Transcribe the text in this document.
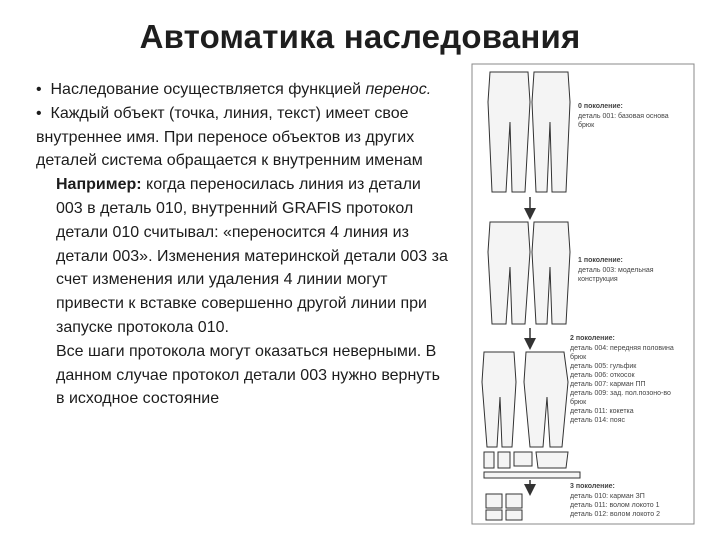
Автоматика наследования

• Наследование осуществляется функцией перенос.

• Каждый объект (точка, линия, текст) имеет свое внутреннее имя. При переносе объектов из других деталей система обращается к внутренним именам

Например: когда переносилась линия из детали 003 в деталь 010, внутренний GRAFIS протокол детали 010 считывал: «переносится 4 линия из детали 003». Изменения материнской детали 003 за счет изменения или удаления 4 линии могут привести к вставке совершенно другой линии при запуске протокола 010.

Все шаги протокола могут оказаться неверными. В данном случае протокол детали 003 нужно вернуть в исходное состояние

0 поколение:
деталь 001: базовая основа
брюк
1 поколение:
деталь 003: модельная
конструкция
2 поколение:
деталь 004: передняя половина
брюк
деталь 005: гульфик
деталь 006: откосок
деталь 007: карман ПП
деталь 009: зад. пол.позоно-во
брюк
деталь 011: кокетка
деталь 014: пояс
3 поколение:
деталь 010: карман ЗП
деталь 011: волом локото 1
деталь 012: волом локото 2
